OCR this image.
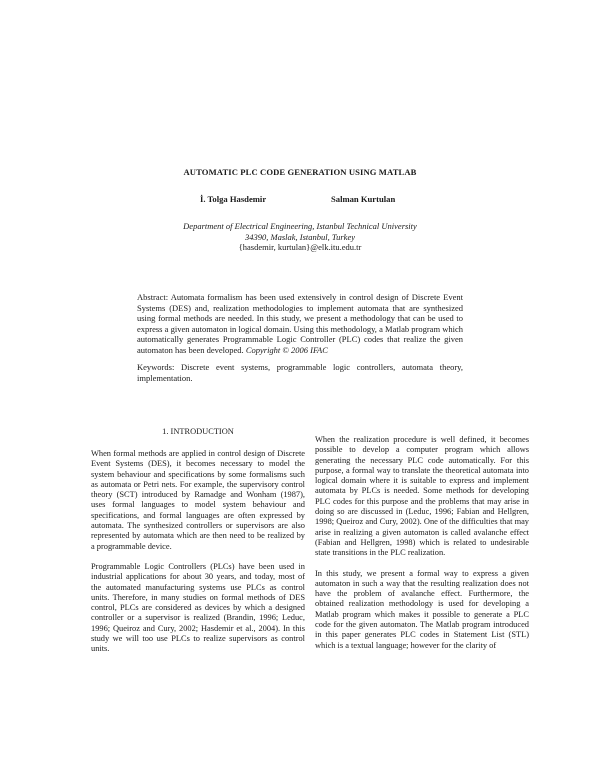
AUTOMATIC PLC CODE GENERATION USING MATLAB
İ. Tolga Hasdemir	Salman Kurtulan
Department of Electrical Engineering, Istanbul Technical University
34390, Maslak, Istanbul, Turkey
{hasdemir, kurtulan}@elk.itu.edu.tr
Abstract: Automata formalism has been used extensively in control design of Discrete Event Systems (DES) and, realization methodologies to implement automata that are synthesized using formal methods are needed. In this study, we present a methodology that can be used to express a given automaton in logical domain. Using this methodology, a Matlab program which automatically generates Programmable Logic Controller (PLC) codes that realize the given automaton has been developed. Copyright © 2006 IFAC
Keywords: Discrete event systems, programmable logic controllers, automata theory, implementation.
1. INTRODUCTION

When formal methods are applied in control design of Discrete Event Systems (DES), it becomes necessary to model the system behaviour and specifications by some formalisms such as automata or Petri nets. For example, the supervisory control theory (SCT) introduced by Ramadge and Wonham (1987), uses formal languages to model system behaviour and specifications, and formal languages are often expressed by automata. The synthesized controllers or supervisors are also represented by automata which are then need to be realized by a programmable device.

Programmable Logic Controllers (PLCs) have been used in industrial applications for about 30 years, and today, most of the automated manufacturing systems use PLCs as control units. Therefore, in many studies on formal methods of DES control, PLCs are considered as devices by which a designed controller or a supervisor is realized (Brandin, 1996; Leduc, 1996; Queiroz and Cury, 2002; Hasdemir et al., 2004). In this study we will too use PLCs to realize supervisors as control units.

When the realization procedure is well defined, it becomes possible to develop a computer program which allows generating the necessary PLC code automatically. For this purpose, a formal way to translate the theoretical automata into logical domain where it is suitable to express and implement automata by PLCs is needed. Some methods for developing PLC codes for this purpose and the problems that may arise in doing so are discussed in (Leduc, 1996; Fabian and Hellgren, 1998; Queiroz and Cury, 2002). One of the difficulties that may arise in realizing a given automaton is called avalanche effect (Fabian and Hellgren, 1998) which is related to undesirable state transitions in the PLC realization.

In this study, we present a formal way to express a given automaton in such a way that the resulting realization does not have the problem of avalanche effect. Furthermore, the obtained realization methodology is used for developing a Matlab program which makes it possible to generate a PLC code for the given automaton. The Matlab program introduced in this paper generates PLC codes in Statement List (STL) which is a textual language; however for the clarity of
